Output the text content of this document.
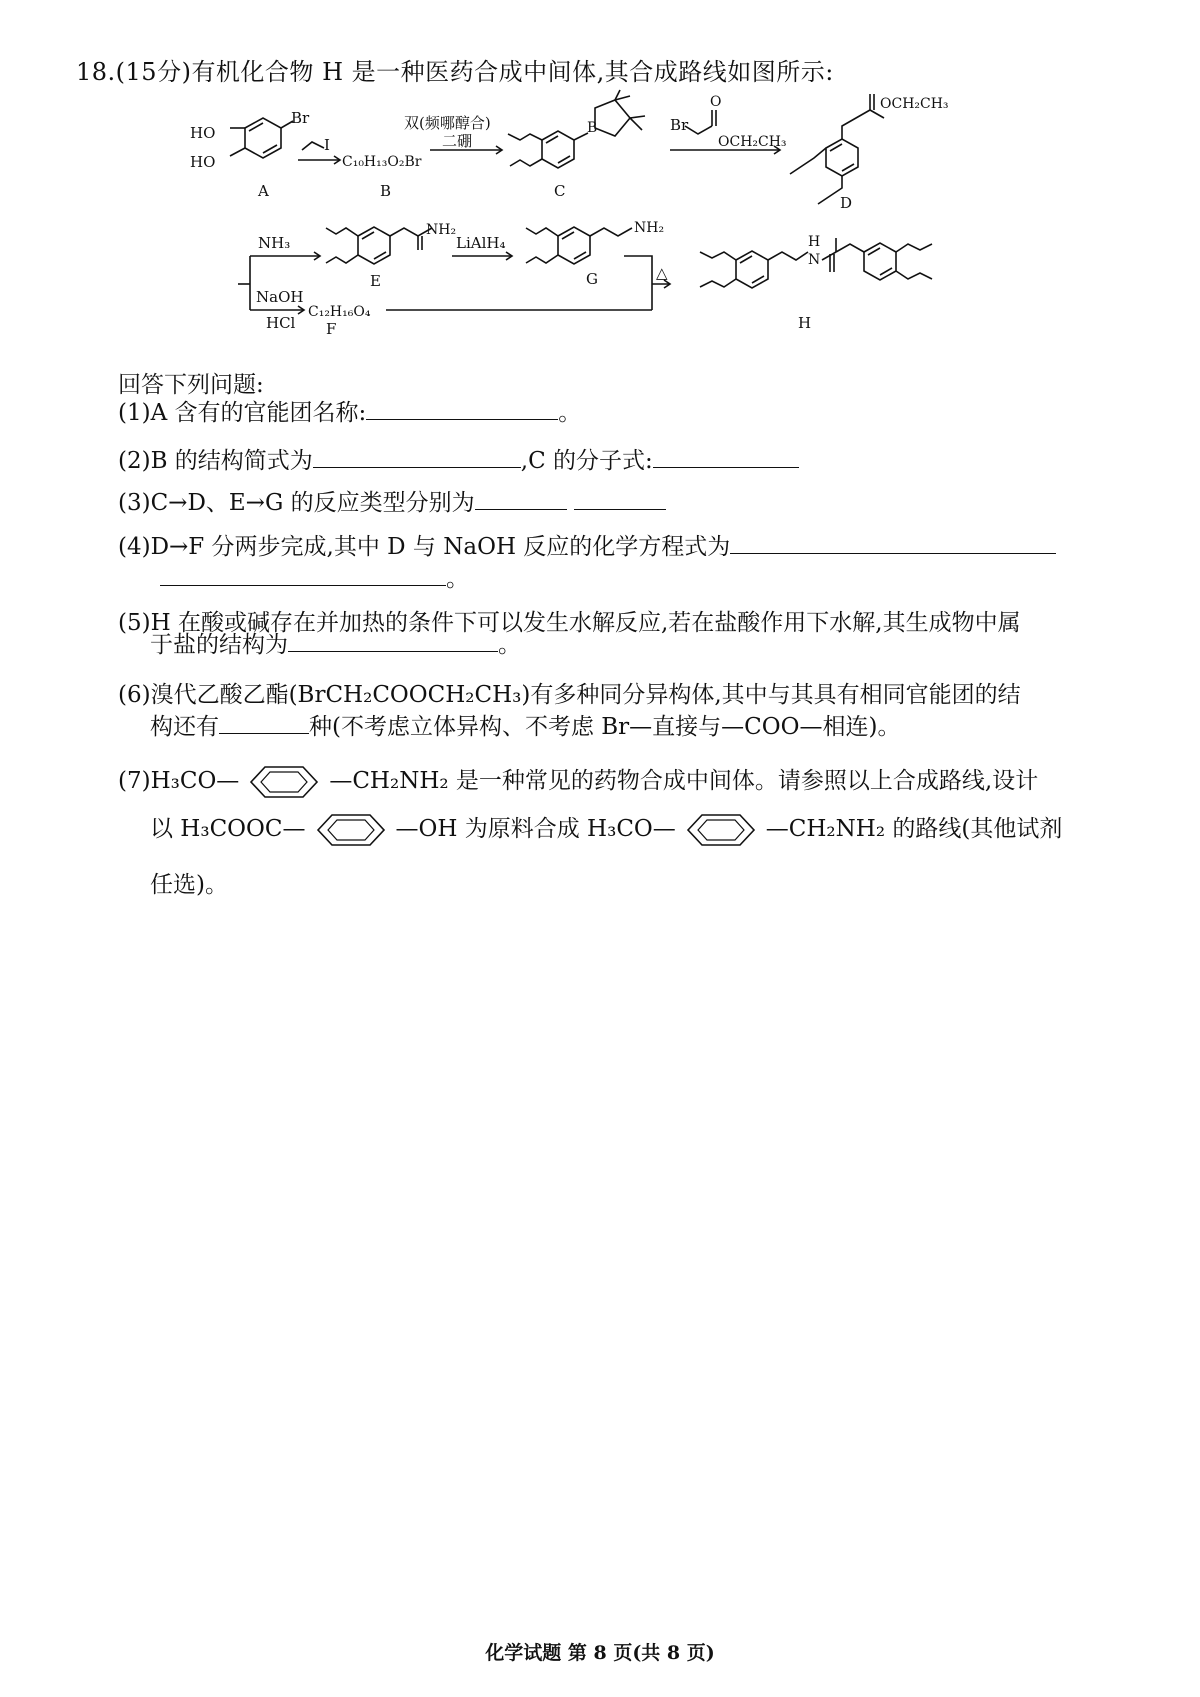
18.(15分)有机化合物 H 是一种医药合成中间体,其合成路线如图所示:
HO
HO
Br
A
I
C₁₀H₁₃O₂Br
B
双(频哪醇合)
二硼
B
C
Br
O
OCH₂CH₃
OCH₂CH₃
D
NH₃
NH₂
E
LiAlH₄
NH₂
G
NaOH
HCl
C₁₂H₁₆O₄
F
△
H
N
H
回答下列问题:
(1)A 含有的官能团名称:	。
(2)B 的结构简式为	,C 的分子式:
(3)C→D、E→G 的反应类型分别为
(4)D→F 分两步完成,其中 D 与 NaOH 反应的化学方程式为
。
(5)H 在酸或碱存在并加热的条件下可以发生水解反应,若在盐酸作用下水解,其生成物中属
于盐的结构为	。
(6)溴代乙酸乙酯(BrCH₂COOCH₂CH₃)有多种同分异构体,其中与其具有相同官能团的结
构还有	种(不考虑立体异构、不考虑 Br—直接与—COO—相连)。
(7)H₃CO—	—CH₂NH₂ 是一种常见的药物合成中间体。请参照以上合成路线,设计
以 H₃COOC—	—OH 为原料合成 H₃CO—	—CH₂NH₂ 的路线(其他试剂
任选)。
化学试题 第 8 页(共 8 页)
